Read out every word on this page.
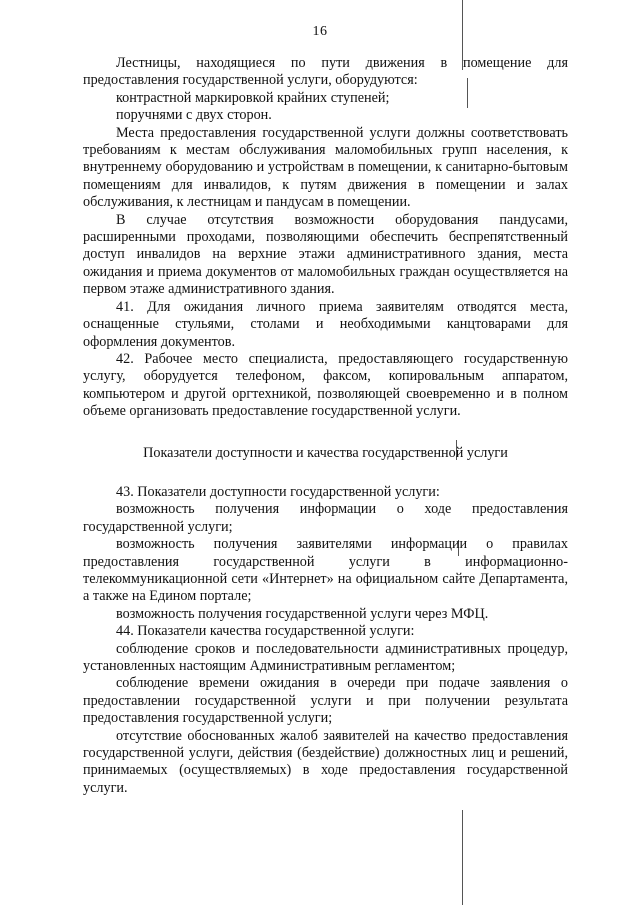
16

Лестницы, находящиеся по пути движения в помещение для предоставления государственной услуги, оборудуются:

контрастной маркировкой крайних ступеней;

поручнями с двух сторон.

Места предоставления государственной услуги должны соответствовать требованиям к местам обслуживания маломобильных групп населения, к внутреннему оборудованию и устройствам в помещении, к санитарно-бытовым помещениям для инвалидов, к путям движения в помещении и залах обслуживания, к лестницам и пандусам в помещении.

В случае отсутствия возможности оборудования пандусами, расширенными проходами, позволяющими обеспечить беспрепятственный доступ инвалидов на верхние этажи административного здания, места ожидания и приема документов от маломобильных граждан осуществляется на первом этаже административного здания.

41. Для ожидания личного приема заявителям отводятся места, оснащенные стульями, столами и необходимыми канцтоварами для оформления документов.

42. Рабочее место специалиста, предоставляющего государственную услугу, оборудуется телефоном, факсом, копировальным аппаратом, компьютером и другой оргтехникой, позволяющей своевременно и в полном объеме организовать предоставление государственной услуги.

Показатели доступности и качества государственной услуги

43. Показатели доступности государственной услуги:

возможность получения информации о ходе предоставления государственной услуги;

возможность получения заявителями информации о правилах предоставления государственной услуги в информационно-телекоммуникационной сети «Интернет» на официальном сайте Департамента, а также на Едином портале;

возможность получения государственной услуги через МФЦ.

44. Показатели качества государственной услуги:

соблюдение сроков и последовательности административных процедур, установленных настоящим Административным регламентом;

соблюдение времени ожидания в очереди при подаче заявления о предоставлении государственной услуги и при получении результата предоставления государственной услуги;

отсутствие обоснованных жалоб заявителей на качество предоставления государственной услуги, действия (бездействие) должностных лиц и решений, принимаемых (осуществляемых) в ходе предоставления государственной услуги.
